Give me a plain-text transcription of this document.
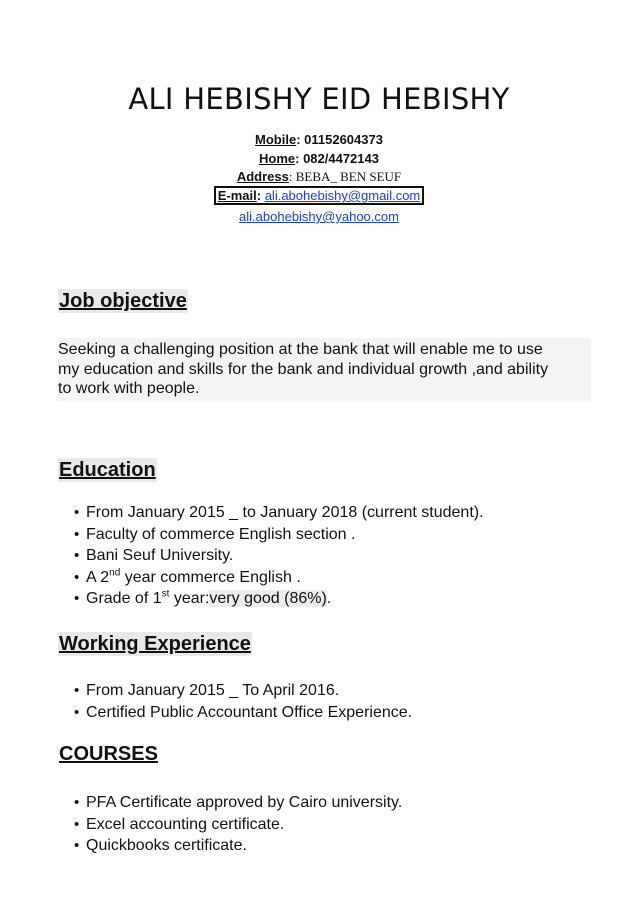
ALI HEBISHY EID HEBISHY
Mobile: 01152604373
Home: 082/4472143
Address: BEBA_ BEN SEUF
E-mail: ali.abohebishy@gmail.com
ali.abohebishy@yahoo.com
Job objective

Seeking a challenging position at the bank that will enable me to use

my education and skills for the bank and individual growth ,and ability

to work with people.

Education
• From January 2015 _ to January 2018 (current student).
• Faculty of commerce English section .
• Bani Seuf University.
• A 2nd year commerce English .
• Grade of 1st year:very good (86%).
Working Experience
• From January 2015 _ To April 2016.
• Certified Public Accountant Office Experience.
COURSES
• PFA Certificate approved by Cairo university.
• Excel accounting certificate.
• Quickbooks certificate.
